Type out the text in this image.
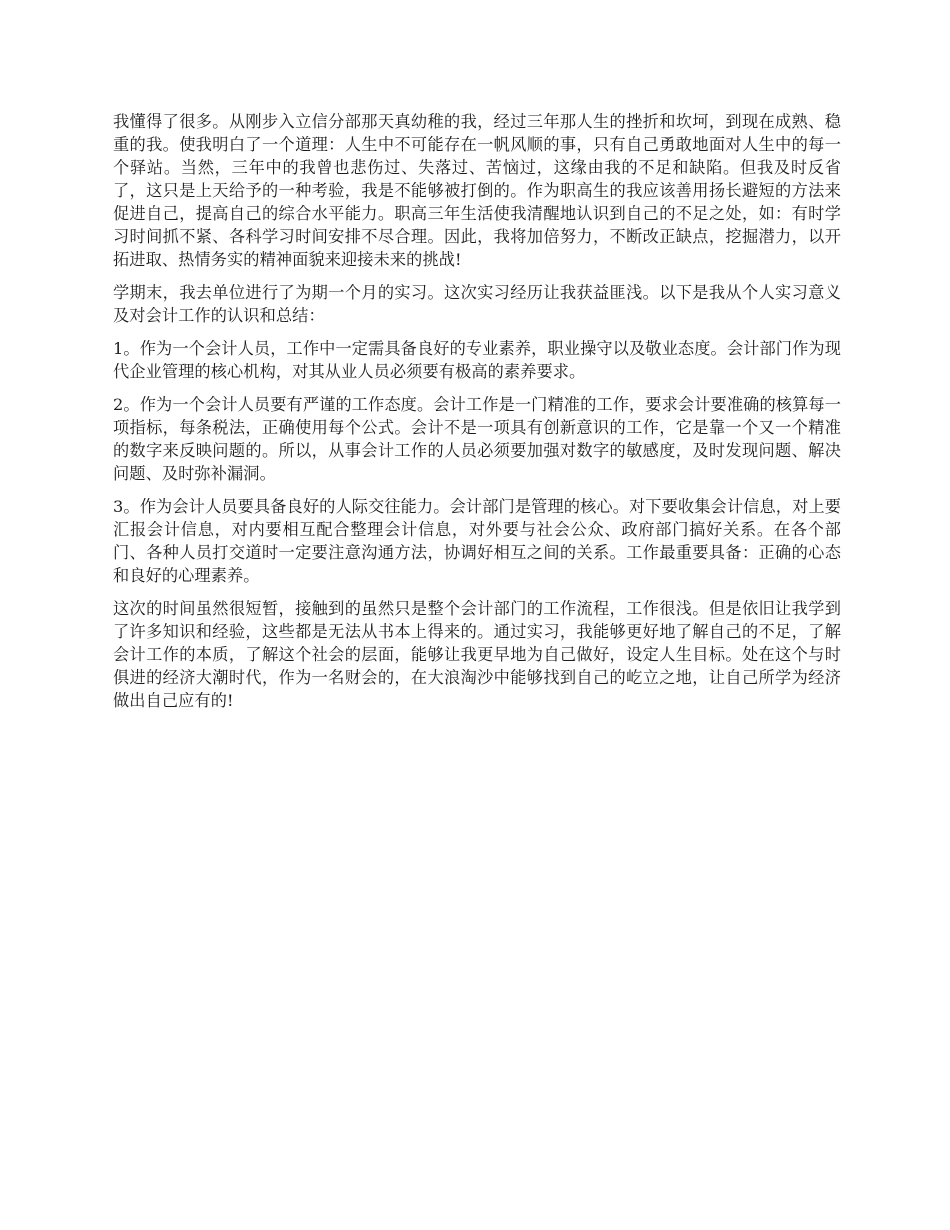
我懂得了很多。从刚步入立信分部那天真幼稚的我，经过三年那人生的挫折和坎坷，到现在成熟、稳重的我。使我明白了一个道理：人生中不可能存在一帆风顺的事，只有自己勇敢地面对人生中的每一个驿站。当然，三年中的我曾也悲伤过、失落过、苦恼过，这缘由我的不足和缺陷。但我及时反省了，这只是上天给予的一种考验，我是不能够被打倒的。作为职高生的我应该善用扬长避短的方法来促进自己，提高自己的综合水平能力。职高三年生活使我清醒地认识到自己的不足之处，如：有时学习时间抓不紧、各科学习时间安排不尽合理。因此，我将加倍努力，不断改正缺点，挖掘潜力，以开拓进取、热情务实的精神面貌来迎接未来的挑战!

学期末，我去单位进行了为期一个月的实习。这次实习经历让我获益匪浅。以下是我从个人实习意义及对会计工作的认识和总结：

1。作为一个会计人员，工作中一定需具备良好的专业素养，职业操守以及敬业态度。会计部门作为现代企业管理的核心机构，对其从业人员必须要有极高的素养要求。

2。作为一个会计人员要有严谨的工作态度。会计工作是一门精准的工作，要求会计要准确的核算每一项指标，每条税法，正确使用每个公式。会计不是一项具有创新意识的工作，它是靠一个又一个精准的数字来反映问题的。所以，从事会计工作的人员必须要加强对数字的敏感度，及时发现问题、解决问题、及时弥补漏洞。

3。作为会计人员要具备良好的人际交往能力。会计部门是管理的核心。对下要收集会计信息，对上要汇报会计信息，对内要相互配合整理会计信息，对外要与社会公众、政府部门搞好关系。在各个部门、各种人员打交道时一定要注意沟通方法，协调好相互之间的关系。工作最重要具备：正确的心态和良好的心理素养。

这次的时间虽然很短暂，接触到的虽然只是整个会计部门的工作流程，工作很浅。但是依旧让我学到了许多知识和经验，这些都是无法从书本上得来的。通过实习，我能够更好地了解自己的不足，了解会计工作的本质，了解这个社会的层面，能够让我更早地为自己做好，设定人生目标。处在这个与时俱进的经济大潮时代，作为一名财会的，在大浪淘沙中能够找到自己的屹立之地，让自己所学为经济做出自己应有的!
